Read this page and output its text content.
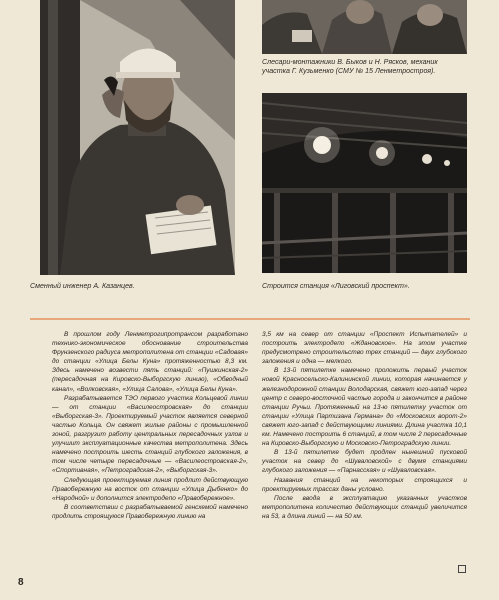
Слесари-монтажники В. Быков и Н. Рясков, механик участка Г. Кузьменко (СМУ № 15 Ленметростроя).
Сменный инженер А. Казанцев.	Строится станция «Лиговский проспект».

В прошлом году Ленметрогипротрансом разработано технико-экономическое обоснование строительства Фрунзенского радиуса метрополитена от станции «Садовая» до станции «Улица Белы Куна» протяженностью 8,3 км. Здесь намечено возвести пять станций: «Пушкинская-2» (пересадочная на Кировско-Выборгскую линию), «Обводный канал», «Волковская», «Улица Салова», «Улица Белы Куна».

Разрабатывается ТЭО первого участка Кольцевой линии — от станции «Василеостровская» до станции «Выборгская-3». Проектируемый участок является северной частью Кольца. Он свяжет жилые районы с промышленной зоной, разгрузит работу центральных пересадочных узлов и улучшит эксплуатационные качества метрополитена. Здесь намечено построить шесть станций глубокого заложения, в том числе четыре пересадочные — «Василеостровская-2», «Спортивная», «Петроградская-2», «Выборгская-3».

Следующая проектируемая линия продлит действующую Правобережную на восток от станции «Улица Дыбенко» до «Народной» и дополнится электродепо «Правобережное».

В соответствии с разрабатываемой генсхемой намечено продлить строящуюся Правобережную линию на

3,5 км на север от станции «Проспект Испытателей» и построить электродепо «Ждановское». На этом участке предусмотрено строительство трех станций — двух глубокого заложения и одна — мелкого.

В 13-й пятилетке намечено проложить первый участок новой Красносельско-Калининской линии, которая начинается у железнодорожной станции Володарская, свяжет юго-запад через центр с северо-восточной частью города и закончится в районе станции Ручьи. Протяженный на 13-ю пятилетку участок от станции «Улица Партизана Германа» до «Московских ворот-2» свяжет юго-запад с действующими линиями. Длина участка 10,1 км. Намечено построить 6 станций, в том числе 2 пересадочные на Кировско-Выборгскую и Московско-Петроградскую линии.

В 13-й пятилетке будет продлен нынешний пусковой участок на север до «Шуваловской» с двумя станциями глубокого заложения — «Парнасская» и «Шуваловская».

Названия станций на некоторых строящихся и проектируемых трассах даны условно.

После ввода в эксплуатацию указанных участков метрополитена количество действующих станций увеличится на 53, а длина линий — на 50 км.

8
